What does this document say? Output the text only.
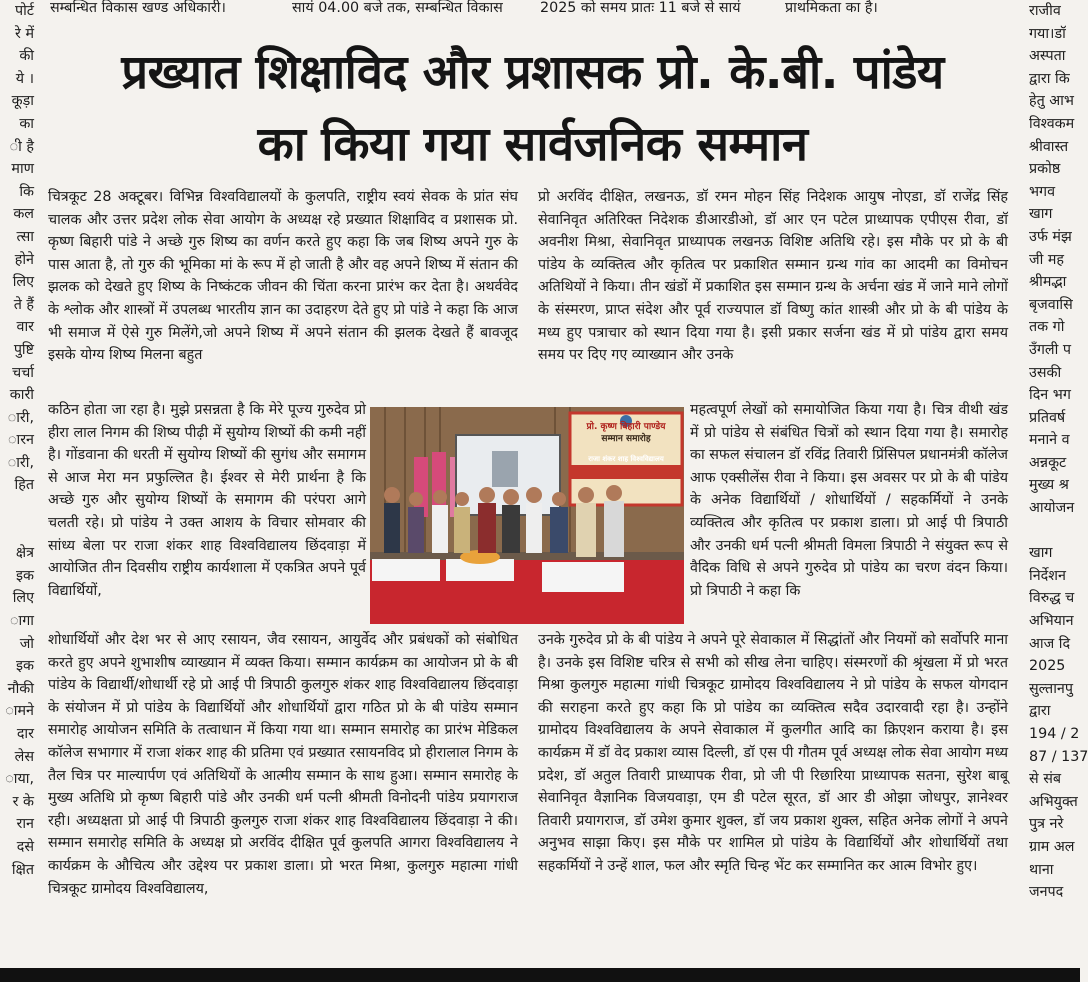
सम्बन्धित विकास खण्ड अधिकारी।	
सायं 04.00 बजे तक, सम्बन्धित विकास	
2025 को समय प्रातः 11 बजे से सायं	
प्राथमिकता का है।
पोर्ट
रे में
की
ये ।
कूड़ा
का
ी है
माण
कि
कल
त्सा
होने
लिए
ते हैं
वार
पुष्टि
चर्चा
कारी
ारी,
ारन
ारी,
हित

क्षेत्र
इक
लिए
ागा
जो
इक
नौकी
ामने
दार
लेस
ाया,
र के
रान
दसे
क्षित
राजीव
गया।डॉ
अस्पता
द्वारा कि
हेतु आभ
विश्वकम
श्रीवास्त
प्रकोष्ठ
भगव
खाग
उर्फ मंझ
जी मह
श्रीमद्भा
बृजवासि
तक गो
उँगली प
उसकी
दिन भग
प्रतिवर्ष
मनाने व
अन्नकूट
मुख्य श्र
आयोजन

खाग
निर्देशन
विरुद्ध च
अभियान
आज दि
2025
सुल्तानपु
द्वारा
194 / 2
87 / 137
से संब
अभियुक्त
पुत्र नरे
ग्राम अल
थाना
जनपद
प्रख्यात शिक्षाविद और प्रशासक प्रो. के.बी. पांडेय
का किया गया सार्वजनिक सम्मान
चित्रकूट 28 अक्टूबर। विभिन्न विश्वविद्यालयों के कुलपति, राष्ट्रीय स्वयं सेवक के प्रांत संघ चालक और उत्तर प्रदेश लोक सेवा आयोग के अध्यक्ष रहे प्रख्यात शिक्षाविद व प्रशासक प्रो. कृष्ण बिहारी पांडे ने अच्छे गुरु शिष्य का वर्णन करते हुए कहा कि जब शिष्य अपने गुरु के पास आता है, तो गुरु की भूमिका मां के रूप में हो जाती है और वह अपने शिष्य में संतान की झलक को देखते हुए शिष्य के निष्कंटक जीवन की चिंता करना प्रारंभ कर देता है। अथर्ववेद के श्लोक और शास्त्रों में उपलब्ध भारतीय ज्ञान का उदाहरण देते हुए प्रो पांडे ने कहा कि आज भी समाज में ऐसे गुरु मिलेंगे,जो अपने शिष्य में अपने संतान की झलक देखते हैं बावजूद इसके योग्य शिष्य मिलना बहुत
कठिन होता जा रहा है। मुझे प्रसन्नता है कि मेरे पूज्य गुरुदेव प्रो हीरा लाल निगम की शिष्य पीढ़ी में सुयोग्य शिष्यों की कमी नहीं है। गोंडवाना की धरती में सुयोग्य शिष्यों की सुगंध और समागम से आज मेरा मन प्रफुल्लित है। ईश्वर से मेरी प्रार्थना है कि अच्छे गुरु और सुयोग्य शिष्यों के समागम की परंपरा आगे चलती रहे। प्रो पांडेय ने उक्त आशय के विचार सोमवार की सांध्य बेला पर राजा शंकर शाह विश्वविद्यालय छिंदवाड़ा में आयोजित तीन दिवसीय राष्ट्रीय कार्यशाला में एकत्रित अपने पूर्व विद्यार्थियों,
शोधार्थियों और देश भर से आए रसायन, जैव रसायन, आयुर्वेद और प्रबंधकों को संबोधित करते हुए अपने शुभाशीष व्याख्यान में व्यक्त किया। सम्मान कार्यक्रम का आयोजन प्रो के बी पांडेय के विद्यार्थी/शोधार्थी रहे प्रो आई पी त्रिपाठी कुलगुरु शंकर शाह विश्वविद्यालय छिंदवाड़ा के संयोजन में प्रो पांडेय के विद्यार्थियों और शोधार्थियों द्वारा गठित प्रो के बी पांडेय सम्मान समारोह आयोजन समिति के तत्वाधान में किया गया था। सम्मान समारोह का प्रारंभ मेडिकल कॉलेज सभागार में राजा शंकर शाह की प्रतिमा एवं प्रख्यात रसायनविद प्रो हीरालाल निगम के तैल चित्र पर माल्यार्पण एवं अतिथियों के आत्मीय सम्मान के साथ हुआ। सम्मान समारोह के मुख्य अतिथि प्रो कृष्ण बिहारी पांडे और उनकी धर्म पत्नी श्रीमती विनोदनी पांडेय प्रयागराज रही। अध्यक्षता प्रो आई पी त्रिपाठी कुलगुरु राजा शंकर शाह विश्वविद्यालय छिंदवाड़ा ने की। सम्मान समारोह समिति के अध्यक्ष प्रो अरविंद दीक्षित पूर्व कुलपति आगरा विश्वविद्यालय ने कार्यक्रम के औचित्य और उद्देश्य पर प्रकाश डाला। प्रो भरत मिश्रा, कुलगुरु महात्मा गांधी चित्रकूट ग्रामोदय विश्वविद्यालय,
प्रो अरविंद दीक्षित, लखनऊ, डॉ रमन मोहन सिंह निदेशक आयुष नोएडा, डॉ राजेंद्र सिंह सेवानिवृत अतिरिक्त निदेशक डीआरडीओ, डॉ आर एन पटेल प्राध्यापक एपीएस रीवा, डॉ अवनीश मिश्रा, सेवानिवृत प्राध्यापक लखनऊ विशिष्ट अतिथि रहे। इस मौके पर प्रो के बी पांडेय के व्यक्तित्व और कृतित्व पर प्रकाशित सम्मान ग्रन्थ गांव का आदमी का विमोचन अतिथियों ने किया। तीन खंडों में प्रकाशित इस सम्मान ग्रन्थ के अर्चना खंड में जाने माने लोगों के संस्मरण, प्राप्त संदेश और पूर्व राज्यपाल डॉ विष्णु कांत शास्त्री और प्रो के बी पांडेय के मध्य हुए पत्राचार को स्थान दिया गया है। इसी प्रकार सर्जना खंड में प्रो पांडेय द्वारा समय समय पर दिए गए व्याख्यान और उनके
महत्वपूर्ण लेखों को समायोजित किया गया है। चित्र वीथी खंड में प्रो पांडेय से संबंधित चित्रों को स्थान दिया गया है। समारोह का सफल संचालन डॉ रविंद्र तिवारी प्रिंसिपल प्रधानमंत्री कॉलेज आफ एक्सीलेंस रीवा ने किया। इस अवसर पर प्रो के बी पांडेय के अनेक विद्यार्थियों / शोधार्थियों / सहकर्मियों ने उनके व्यक्तित्व और कृतित्व पर प्रकाश डाला। प्रो आई पी त्रिपाठी और उनकी धर्म पत्नी श्रीमती विमला त्रिपाठी ने संयुक्त रूप से वैदिक विधि से अपने गुरुदेव प्रो पांडेय का चरण वंदन किया। प्रो त्रिपाठी ने कहा कि
उनके गुरुदेव प्रो के बी पांडेय ने अपने पूरे सेवाकाल में सिद्धांतों और नियमों को सर्वोपरि माना है। उनके इस विशिष्ट चरित्र से सभी को सीख लेना चाहिए। संस्मरणों की श्रृंखला में प्रो भरत मिश्रा कुलगुरु महात्मा गांधी चित्रकूट ग्रामोदय विश्वविद्यालय ने प्रो पांडेय के सफल योगदान की सराहना करते हुए कहा कि प्रो पांडेय का व्यक्तित्व सदैव उदारवादी रहा है। उन्होंने ग्रामोदय विश्वविद्यालय के अपने सेवाकाल में कुलगीत आदि का क्रिएशन कराया है। इस कार्यक्रम में डॉ वेद प्रकाश व्यास दिल्ली, डॉ एस पी गौतम पूर्व अध्यक्ष लोक सेवा आयोग मध्य प्रदेश, डॉ अतुल तिवारी प्राध्यापक रीवा, प्रो जी पी रिछारिया प्राध्यापक सतना, सुरेश बाबू सेवानिवृत वैज्ञानिक विजयवाड़ा, एम डी पटेल सूरत, डॉ आर डी ओझा जोधपुर, ज्ञानेश्वर तिवारी प्रयागराज, डॉ उमेश कुमार शुक्ल, डॉ जय प्रकाश शुक्ल, सहित अनेक लोगों ने अपने अनुभव साझा किए। इस मौके पर शामिल प्रो पांडेय के विद्यार्थियों और शोधार्थियों तथा सहकर्मियों ने उन्हें शाल, फल और स्मृति चिन्ह भेंट कर सम्मानित कर आत्म विभोर हुए।
प्रो. कृष्ण बिहारी पाण्डेय
सम्मान समारोह
राजा शंकर शाह विश्वविद्यालय
